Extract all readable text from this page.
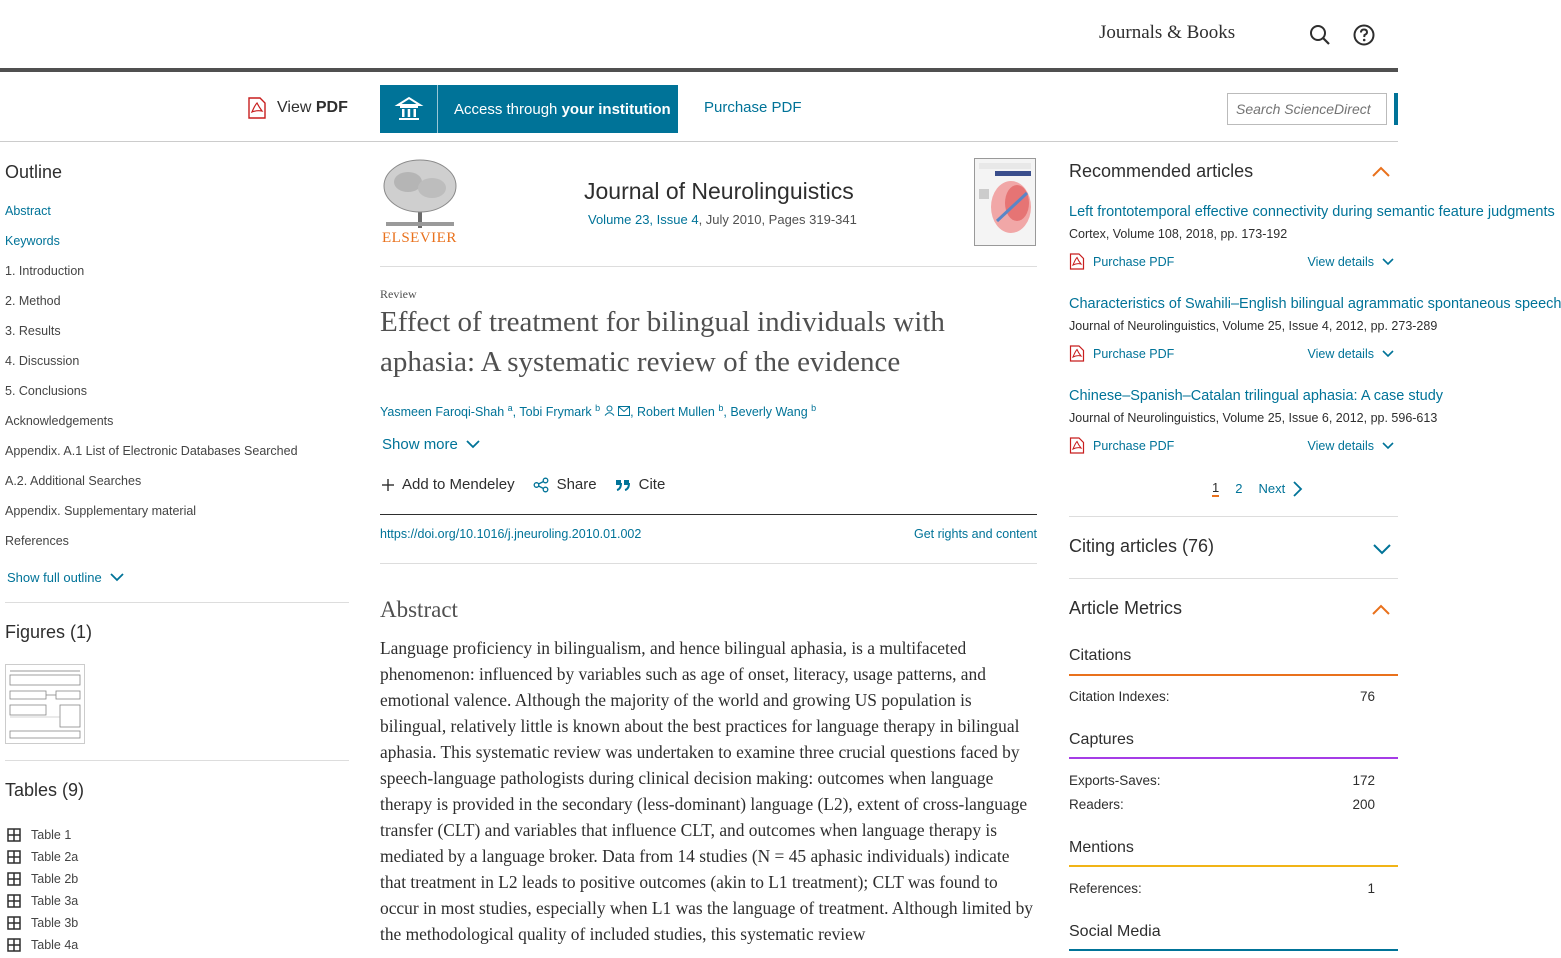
Journals & Books
View PDF	Access through your institution Purchase PDF	Search ScienceDirect
Outline
Abstract
Keywords
1. Introduction
2. Method
3. Results
4. Discussion
5. Conclusions
Acknowledgements
Appendix. A.1 List of Electronic Databases Searched
A.2. Additional Searches
Appendix. Supplementary material
References
Show full outline
Figures (1)
Tables (9)
Table 1
Table 2a
Table 2b
Table 3a
Table 3b
Table 4a
ELSEVIER
Journal of Neurolinguistics
Volume 23, Issue 4, July 2010, Pages 319-341
Review
Effect of treatment for bilingual individuals with aphasia: A systematic review of the evidence
Yasmeen Faroqi-Shah $^a$, Tobi Frymark $^b$ , Robert Mullen $^b$, Beverly Wang $^b$
Show more
Add to Mendeley	Share	Cite
https://doi.org/10.1016/j.jneuroling.2010.01.002	Get rights and content
Abstract

Language proficiency in bilingualism, and hence bilingual aphasia, is a multifaceted phenomenon: influenced by variables such as age of onset, literacy, usage patterns, and emotional valence. Although the majority of the world and growing US population is bilingual, relatively little is known about the best practices for language therapy in bilingual aphasia. This systematic review was undertaken to examine three crucial questions faced by speech-language pathologists during clinical decision making: outcomes when language therapy is provided in the secondary (less-dominant) language (L2), extent of cross-language transfer (CLT) and variables that influence CLT, and outcomes when language therapy is mediated by a language broker. Data from 14 studies (N = 45 aphasic individuals) indicate that treatment in L2 leads to positive outcomes (akin to L1 treatment); CLT was found to occur in most studies, especially when L1 was the language of treatment. Although limited by the methodological quality of included studies, this systematic review

Recommended articles
Left frontotemporal effective connectivity during semantic feature judgments
Cortex, Volume 108, 2018, pp. 173-192
Purchase PDF	View details
Characteristics of Swahili–English bilingual agrammatic spontaneous speech
Journal of Neurolinguistics, Volume 25, Issue 4, 2012, pp. 273-289
Purchase PDF	View details
Chinese–Spanish–Catalan trilingual aphasia: A case study
Journal of Neurolinguistics, Volume 25, Issue 6, 2012, pp. 596-613
Purchase PDF	View details
1 2 Next
Citing articles (76)
Article Metrics
Citations
Citation Indexes:	76
Captures
Exports-Saves:	172
Readers:	200
Mentions
References:	1
Social Media
